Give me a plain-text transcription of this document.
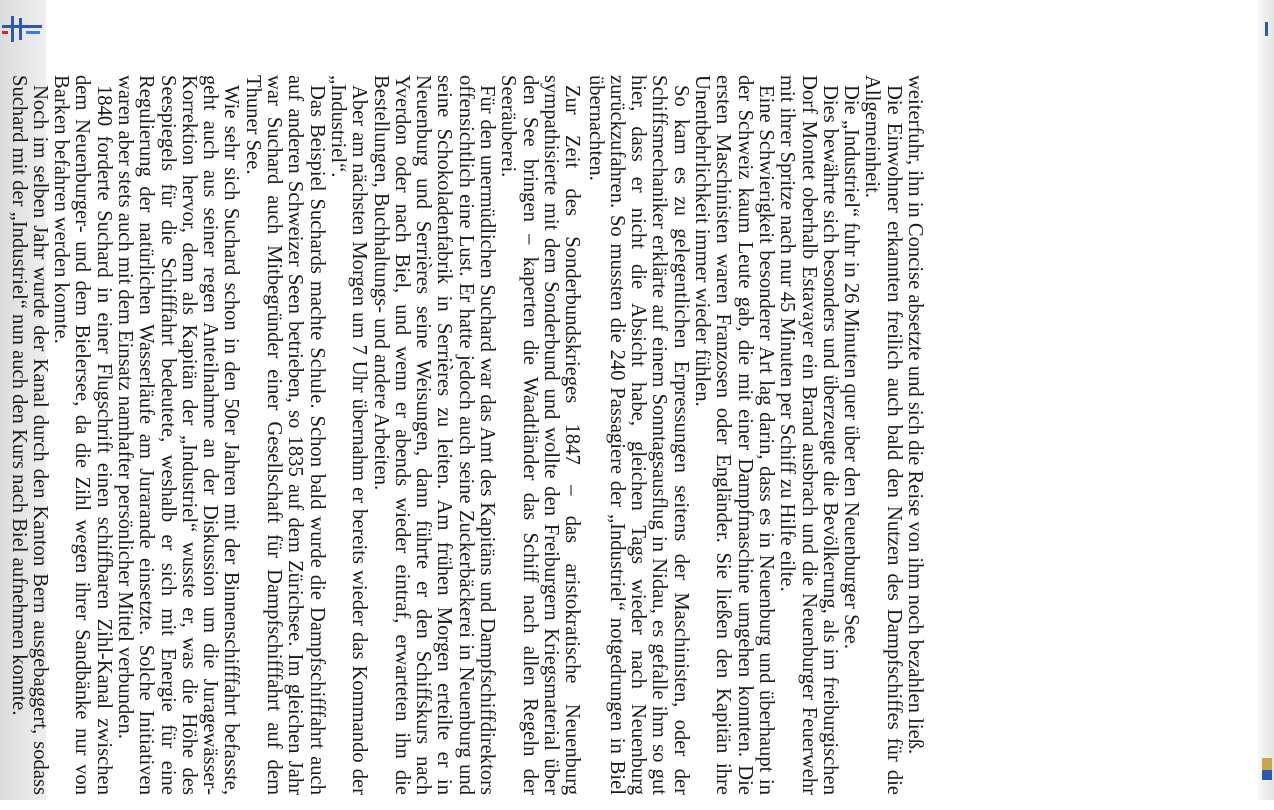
weiterfuhr, ihn in Concise absetzte und sich die Reise von ihm noch bezahlen ließ.

Die Einwohner erkannten freilich auch bald den Nutzen des Dampfschiffes für die Allgemeinheit.

Die „Industriel“ fuhr in 26 Minuten quer über den Neuenburger See.

Dies bewährte sich besonders und überzeugte die Bevölkerung, als im freiburgischen Dorf Montet oberhalb Estavayer ein Brand ausbrach und die Neuenburger Feuerwehr mit ihrer Spritze nach nur 45 Minuten per Schiff zu Hilfe eilte.

Eine Schwierigkeit besonderer Art lag darin, dass es in Neuenburg und überhaupt in der Schweiz kaum Leute gab, die mit einer Dampfmaschine umgehen konnten. Die ersten Maschinisten waren Franzosen oder Engländer. Sie ließen den Kapitän ihre Unentbehrlichkeit immer wieder fühlen.

So kam es zu gelegentlichen Erpressungen seitens der Maschinisten, oder der Schiffsmechaniker erklärte auf einem Sonntagsausflug in Nidau, es gefalle ihm so gut hier, dass er nicht die Absicht habe, gleichen Tags wieder nach Neuenburg zurückzufahren. So mussten die 240 Passagiere der „Industriel“ notgedrungen in Biel übernachten.

Zur Zeit des Sonderbundskrieges 1847 – das aristokratische Neuenburg sympathisierte mit dem Sonderbund und wollte den Freiburgern Kriegsmaterial über den See bringen – kaperten die Waadtländer das Schiff nach allen Regeln der Seeräuberei.

Für den unermüdlichen Suchard war das Amt des Kapitäns und Dampfschiffdirektors offensichtlich eine Lust. Er hatte jedoch auch seine Zuckerbäckerei in Neuenburg und seine Schokoladenfabrik in Serrières zu leiten. Am frühen Morgen erteilte er in Neuenburg und Serrières seine Weisungen, dann führte er den Schiffskurs nach Yverdon oder nach Biel, und wenn er abends wieder eintraf, erwarteten ihn die Bestellungen, Buchhaltungs- und andere Arbeiten.

Aber am nächsten Morgen um 7 Uhr übernahm er bereits wieder das Kommando der „Industriel“.

Das Beispiel Suchards machte Schule. Schon bald wurde die Dampfschifffahrt auch auf anderen Schweizer Seen betrieben, so 1835 auf dem Zürichsee. Im gleichen Jahr war Suchard auch Mitbegründer einer Gesellschaft für Dampfschifffahrt auf dem Thuner See.

Wie sehr sich Suchard schon in den 50er Jahren mit der Binnenschifffahrt befasste, geht auch aus seiner regen Anteilnahme an der Diskussion um die Juragewässer-Korrektion hervor, denn als Kapitän der „Industriel“ wusste er, was die Höhe des Seespiegels für die Schifffahrt bedeutete, weshalb er sich mit Energie für eine Regulierung der natürlichen Wasserläufe am Jurarande einsetzte. Solche Initiativen waren aber stets auch mit dem Einsatz namhafter persönlicher Mittel verbunden.

1840 forderte Suchard in einer Flugschrift einen schiffbaren Zihl-Kanal zwischen dem Neuenburger- und dem Bielersee, da die Zihl wegen ihrer Sandbänke nur von Barken befahren werden konnte.

Noch im selben Jahr wurde der Kanal durch den Kanton Bern ausgebaggert, sodass Suchard mit der „Industriel“ nun auch den Kurs nach Biel aufnehmen konnte.
